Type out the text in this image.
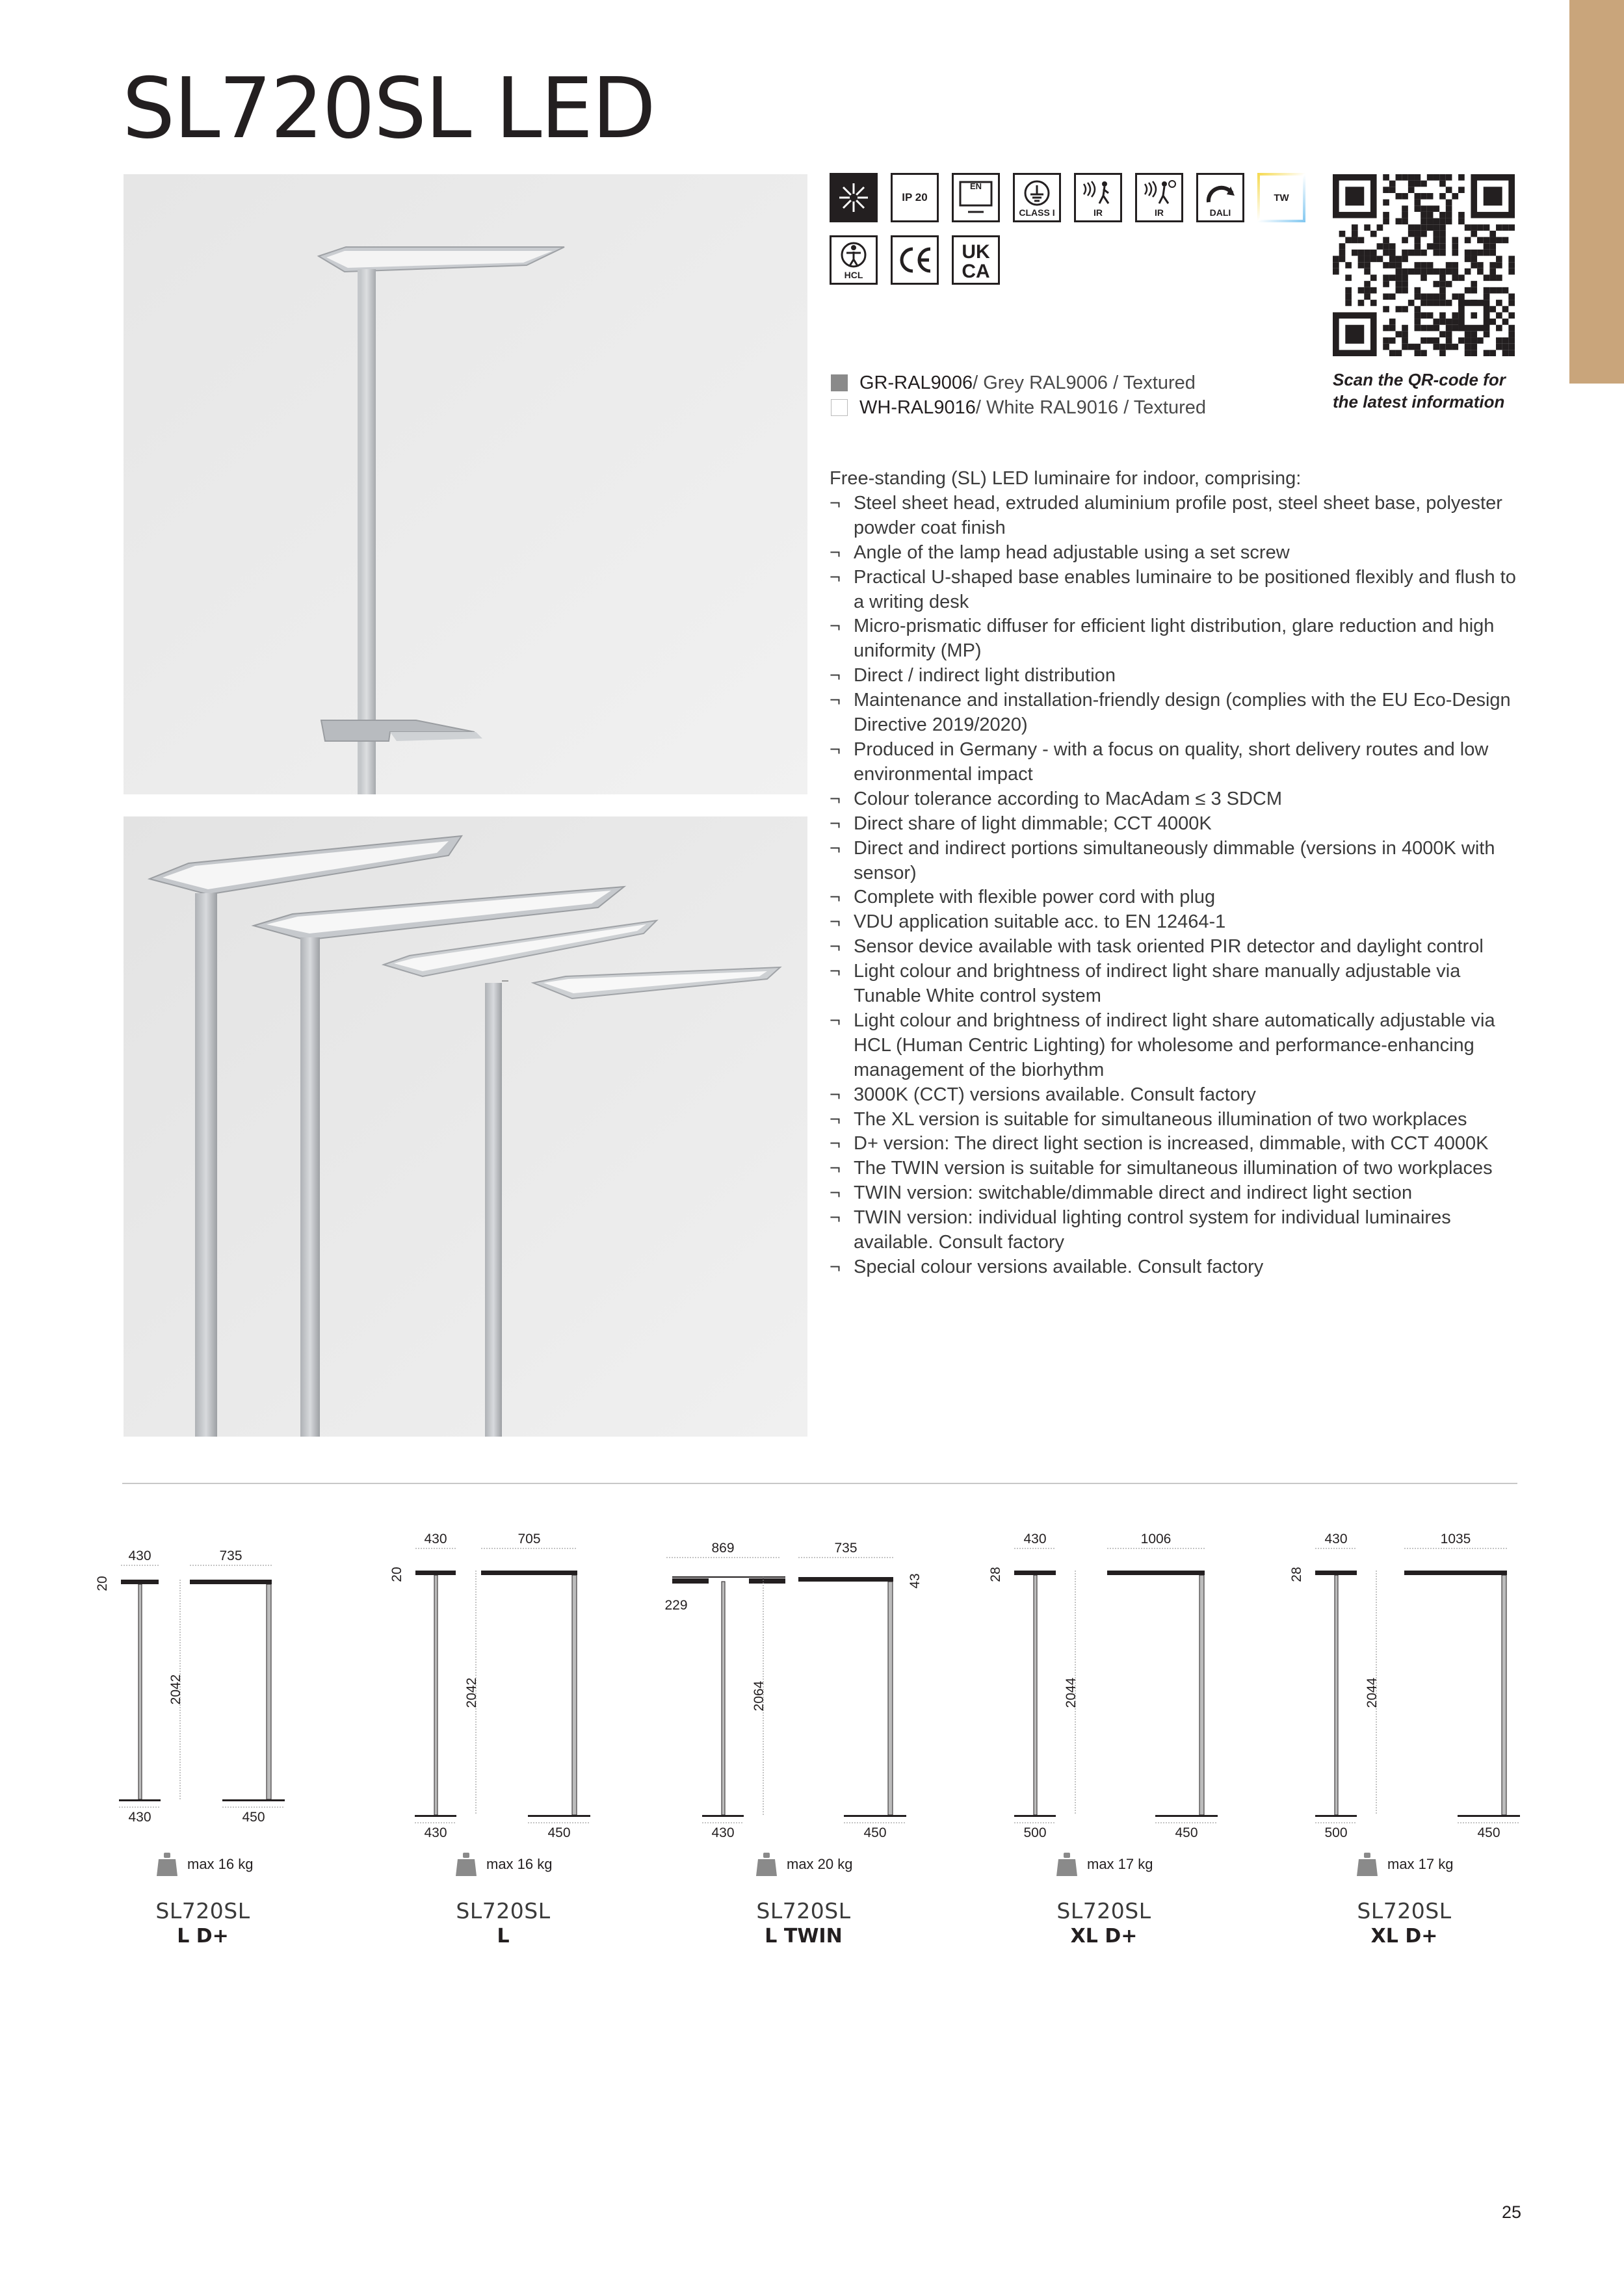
SL720SL LED
IP 20
EN
CLASS I	IR	IR	DALI
TW
HCL
UK
CA
Scan the QR-code for
the latest information
GR-RAL9006 / Grey RAL9006 / Textured
WH-RAL9016 / White RAL9016 / Textured

Free-standing (SL) LED luminaire for indoor, comprising:

¬ Steel sheet head, extruded aluminium profile post, steel sheet base, polyester powder coat finish
¬ Angle of the lamp head adjustable using a set screw
¬ Practical U-shaped base enables luminaire to be positioned flexibly and flush to a writing desk
¬ Micro-prismatic diffuser for efficient light distribution, glare reduction and high uniformity (MP)
¬ Direct / indirect light distribution
¬ Maintenance and installation-friendly design (complies with the EU Eco-Design Directive 2019/2020)
¬ Produced in Germany - with a focus on quality, short delivery routes and low environmental impact
¬ Colour tolerance according to MacAdam ≤ 3 SDCM
¬ Direct share of light dimmable; CCT 4000K
¬ Direct and indirect portions simultaneously dimmable (versions in 4000K with sensor)
¬ Complete with flexible power cord with plug
¬ VDU application suitable acc. to EN 12464-1
¬ Sensor device available with task oriented PIR detector and daylight control
¬ Light colour and brightness of indirect light share manually adjustable via Tunable White control system
¬ Light colour and brightness of indirect light share automatically adjustable via HCL (Human Centric Lighting) for wholesome and performance-enhancing management of the biorhythm
¬ 3000K (CCT) versions available. Consult factory
¬ The XL version is suitable for simultaneous illumination of two workplaces
¬ D+ version: The direct light section is increased, dimmable, with CCT 4000K
¬ The TWIN version is suitable for simultaneous illumination of two workplaces
¬ TWIN version: switchable/dimmable direct and indirect light section
¬ TWIN version: individual lighting control system for individual luminaires available. Consult factory
¬ Special colour versions available. Consult factory
430	735
20
2042
430	450
430	705
20
2042
430	450
229
869	735
43
2064
430	450
430	1006
28
2044
500	450
430	1035
28
2044
500	450
max 16 kg
SL720SL
L D+
max 16 kg
SL720SL
L
max 20 kg
SL720SL
L TWIN
max 17 kg
SL720SL
XL D+
max 17 kg
SL720SL
XL D+
25
